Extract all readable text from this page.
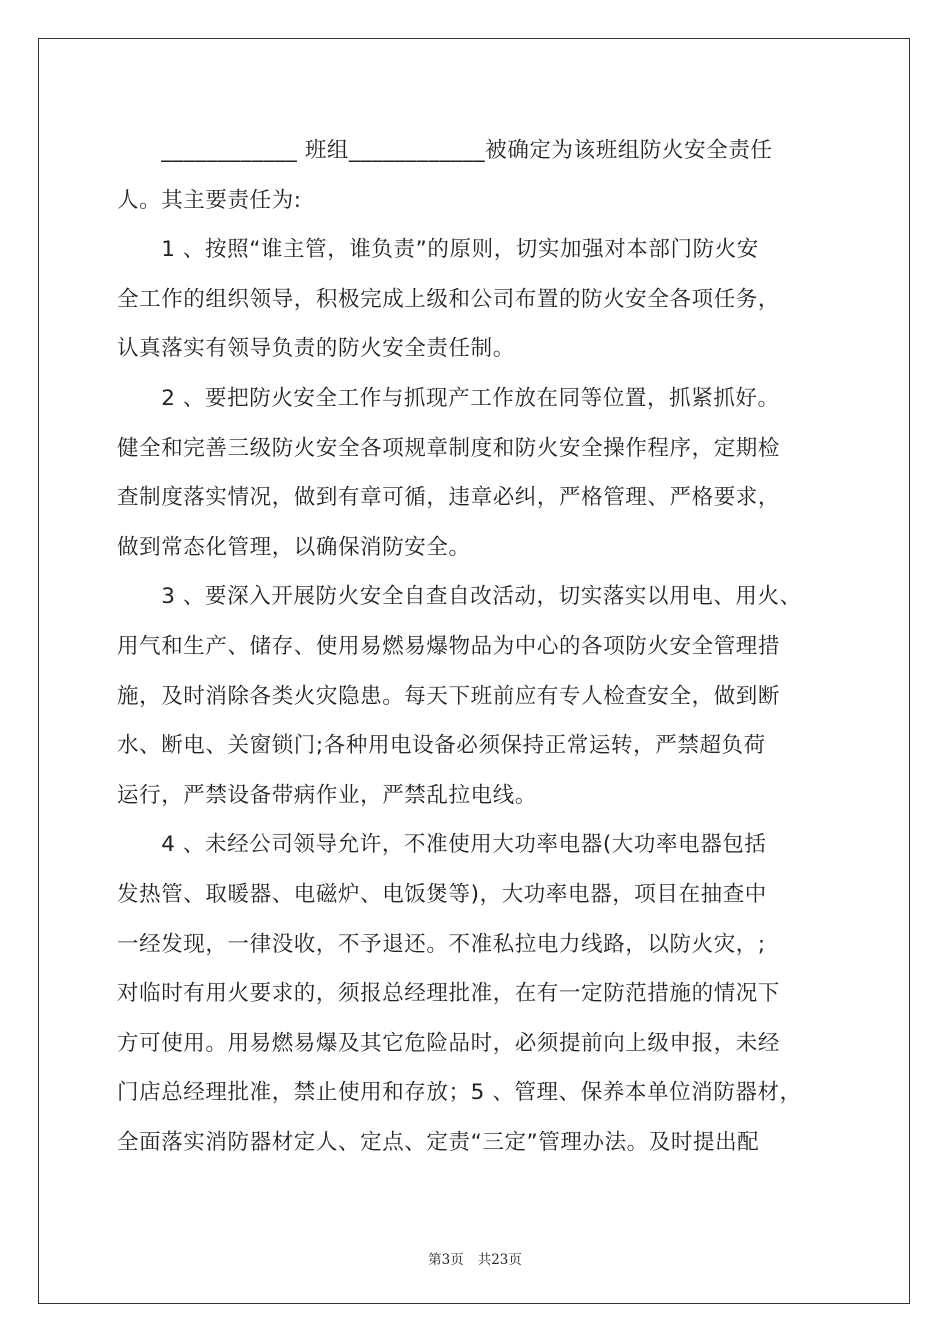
　　____________ 班组____________被确定为该班组防火安全责任
人。其主要责任为:
　　1 、按照“谁主管，谁负责”的原则，切实加强对本部门防火安
全工作的组织领导，积极完成上级和公司布置的防火安全各项任务，
认真落实有领导负责的防火安全责任制。
　　2 、要把防火安全工作与抓现产工作放在同等位置，抓紧抓好。
健全和完善三级防火安全各项规章制度和防火安全操作程序，定期检
查制度落实情况，做到有章可循，违章必纠，严格管理、严格要求，
做到常态化管理，以确保消防安全。
　　3 、要深入开展防火安全自查自改活动，切实落实以用电、用火、
用气和生产、储存、使用易燃易爆物品为中心的各项防火安全管理措
施，及时消除各类火灾隐患。每天下班前应有专人检查安全，做到断
水、断电、关窗锁门;各种用电设备必须保持正常运转，严禁超负荷
运行，严禁设备带病作业，严禁乱拉电线。
　　4 、未经公司领导允许，不准使用大功率电器(大功率电器包括
发热管、取暖器、电磁炉、电饭煲等)，大功率电器，项目在抽查中
一经发现，一律没收，不予退还。不准私拉电力线路，以防火灾，;
对临时有用火要求的，须报总经理批准，在有一定防范措施的情况下
方可使用。用易燃易爆及其它危险品时，必须提前向上级申报，未经
门店总经理批准，禁止使用和存放；5 、管理、保养本单位消防器材，
全面落实消防器材定人、定点、定责“三定”管理办法。及时提出配
第3页 共23页
